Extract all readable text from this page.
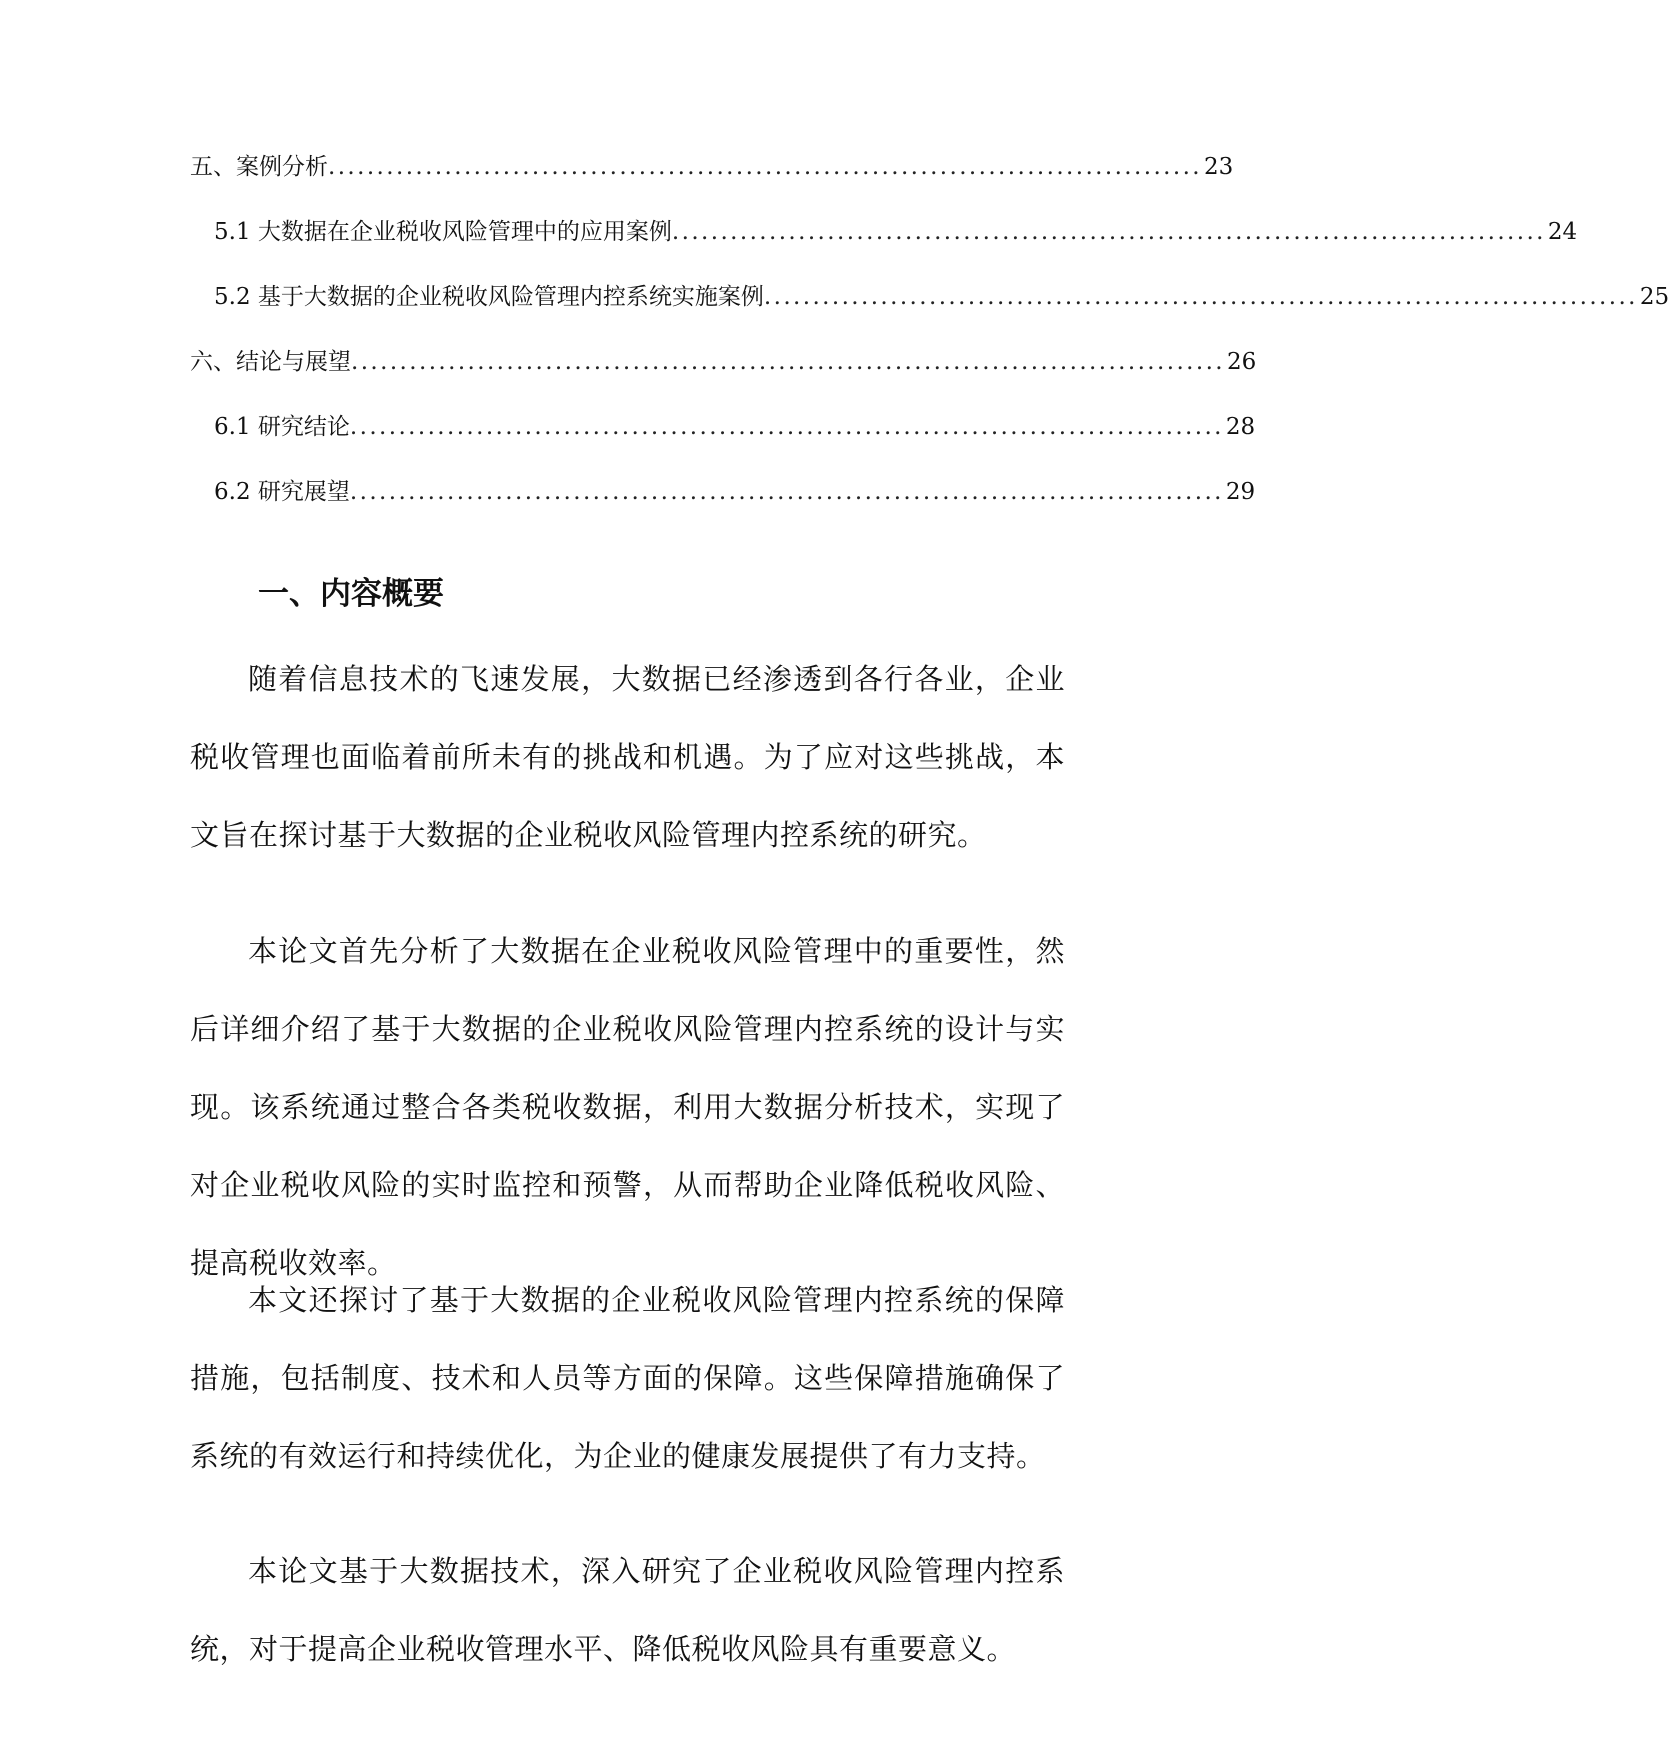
五、案例分析 .......................................................................................... 23
5.1 大数据在企业税收风险管理中的应用案例 .......................................................................................... 24
5.2 基于大数据的企业税收风险管理内控系统实施案例 .......................................................................................... 25
六、结论与展望 .......................................................................................... 26
6.1 研究结论 .......................................................................................... 28
6.2 研究展望 .......................................................................................... 29
一、内容概要

随着信息技术的飞速发展，大数据已经渗透到各行各业，企业税收管理也面临着前所未有的挑战和机遇。为了应对这些挑战，本文旨在探讨基于大数据的企业税收风险管理内控系统的研究。

本论文首先分析了大数据在企业税收风险管理中的重要性，然后详细介绍了基于大数据的企业税收风险管理内控系统的设计与实现。该系统通过整合各类税收数据，利用大数据分析技术，实现了对企业税收风险的实时监控和预警，从而帮助企业降低税收风险、提高税收效率。

本文还探讨了基于大数据的企业税收风险管理内控系统的保障措施，包括制度、技术和人员等方面的保障。这些保障措施确保了系统的有效运行和持续优化，为企业的健康发展提供了有力支持。

本论文基于大数据技术，深入研究了企业税收风险管理内控系统，对于提高企业税收管理水平、降低税收风险具有重要意义。
